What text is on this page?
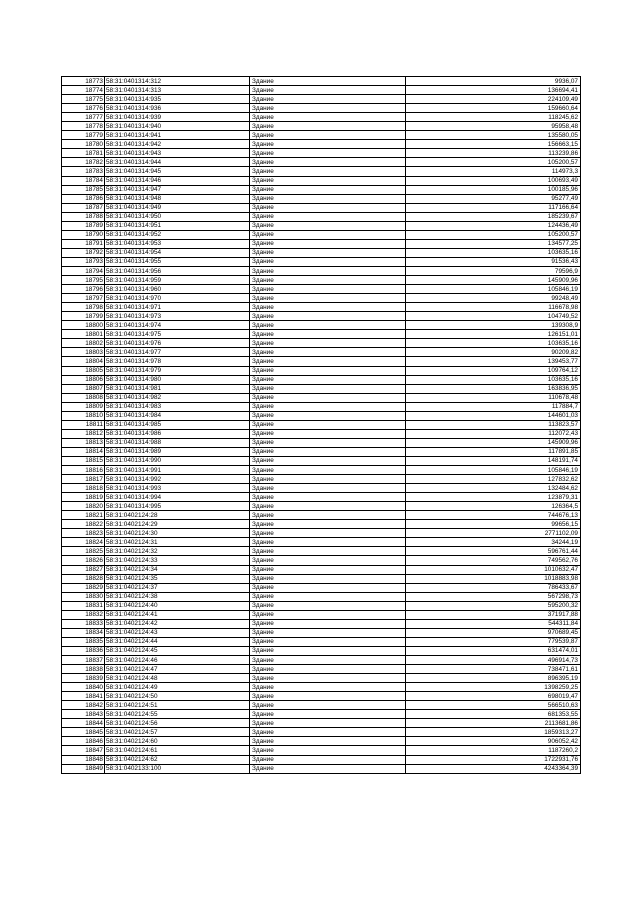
18773	58:31:0401314:312	Здание	9936,07
18774	58:31:0401314:313	Здание	136694,41
18775	58:31:0401314:935	Здание	224109,49
18776	58:31:0401314:936	Здание	159660,64
18777	58:31:0401314:939	Здание	118245,62
18778	58:31:0401314:940	Здание	95958,48
18779	58:31:0401314:941	Здание	135580,05
18780	58:31:0401314:942	Здание	156663,15
18781	58:31:0401314:943	Здание	113239,86
18782	58:31:0401314:944	Здание	105200,57
18783	58:31:0401314:945	Здание	114973,3
18784	58:31:0401314:946	Здание	100693,49
18785	58:31:0401314:947	Здание	100185,96
18786	58:31:0401314:948	Здание	95277,49
18787	58:31:0401314:949	Здание	117166,64
18788	58:31:0401314:950	Здание	185239,67
18789	58:31:0401314:951	Здание	124436,49
18790	58:31:0401314:952	Здание	105200,57
18791	58:31:0401314:953	Здание	134577,25
18792	58:31:0401314:954	Здание	103635,16
18793	58:31:0401314:955	Здание	91536,43
18794	58:31:0401314:956	Здание	79596,9
18795	58:31:0401314:959	Здание	145909,96
18796	58:31:0401314:960	Здание	105846,19
18797	58:31:0401314:970	Здание	99248,49
18798	58:31:0401314:971	Здание	116678,98
18799	58:31:0401314:973	Здание	104749,52
18800	58:31:0401314:974	Здание	139308,9
18801	58:31:0401314:975	Здание	126151,01
18802	58:31:0401314:976	Здание	103635,16
18803	58:31:0401314:977	Здание	90209,82
18804	58:31:0401314:978	Здание	139453,77
18805	58:31:0401314:979	Здание	109764,12
18806	58:31:0401314:980	Здание	103635,16
18807	58:31:0401314:981	Здание	163836,95
18808	58:31:0401314:982	Здание	110678,48
18809	58:31:0401314:983	Здание	117884,7
18810	58:31:0401314:984	Здание	144601,03
18811	58:31:0401314:985	Здание	113823,57
18812	58:31:0401314:986	Здание	112072,43
18813	58:31:0401314:988	Здание	145909,96
18814	58:31:0401314:989	Здание	117891,85
18815	58:31:0401314:990	Здание	148191,74
18816	58:31:0401314:991	Здание	105846,19
18817	58:31:0401314:992	Здание	127832,62
18818	58:31:0401314:993	Здание	132484,62
18819	58:31:0401314:994	Здание	123879,31
18820	58:31:0401314:995	Здание	126364,5
18821	58:31:0402124:28	Здание	744676,13
18822	58:31:0402124:29	Здание	99656,15
18823	58:31:0402124:30	Здание	2771102,09
18824	58:31:0402124:31	Здание	34244,19
18825	58:31:0402124:32	Здание	596761,44
18826	58:31:0402124:33	Здание	749562,76
18827	58:31:0402124:34	Здание	1010632,47
18828	58:31:0402124:35	Здание	1018883,98
18829	58:31:0402124:37	Здание	786433,67
18830	58:31:0402124:38	Здание	567298,73
18831	58:31:0402124:40	Здание	595200,32
18832	58:31:0402124:41	Здание	371917,88
18833	58:31:0402124:42	Здание	544311,84
18834	58:31:0402124:43	Здание	970689,45
18835	58:31:0402124:44	Здание	779539,87
18836	58:31:0402124:45	Здание	631474,01
18837	58:31:0402124:46	Здание	496914,73
18838	58:31:0402124:47	Здание	738471,61
18839	58:31:0402124:48	Здание	896395,19
18840	58:31:0402124:49	Здание	1398259,25
18841	58:31:0402124:50	Здание	698019,47
18842	58:31:0402124:51	Здание	566510,63
18843	58:31:0402124:55	Здание	681353,55
18844	58:31:0402124:56	Здание	2113681,86
18845	58:31:0402124:57	Здание	1859313,27
18846	58:31:0402124:60	Здание	906052,42
18847	58:31:0402124:61	Здание	1187260,2
18848	58:31:0402124:62	Здание	1722931,76
18849	58:31:0402133:100	Здание	4243364,39
